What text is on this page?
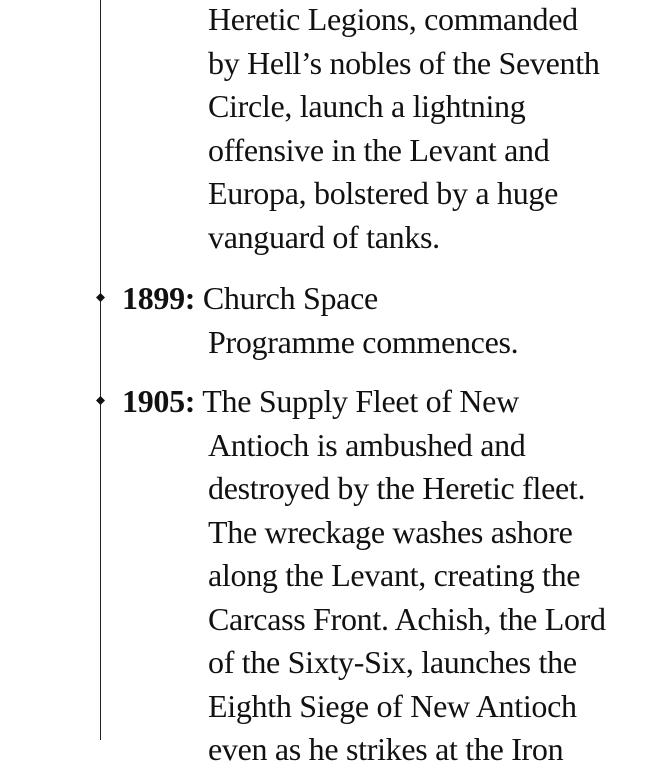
Heretic Legions, commanded
by Hell’s nobles of the Seventh
Circle, launch a lightning
offensive in the Levant and
Europa, bolstered by a huge
vanguard of tanks.
1899: Church Space
Programme commences.
1905: The Supply Fleet of New
Antioch is ambushed and
destroyed by the Heretic fleet.
The wreckage washes ashore
along the Levant, creating the
Carcass Front. Achish, the Lord
of the Sixty-Six, launches the
Eighth Siege of New Antioch
even as he strikes at the Iron
